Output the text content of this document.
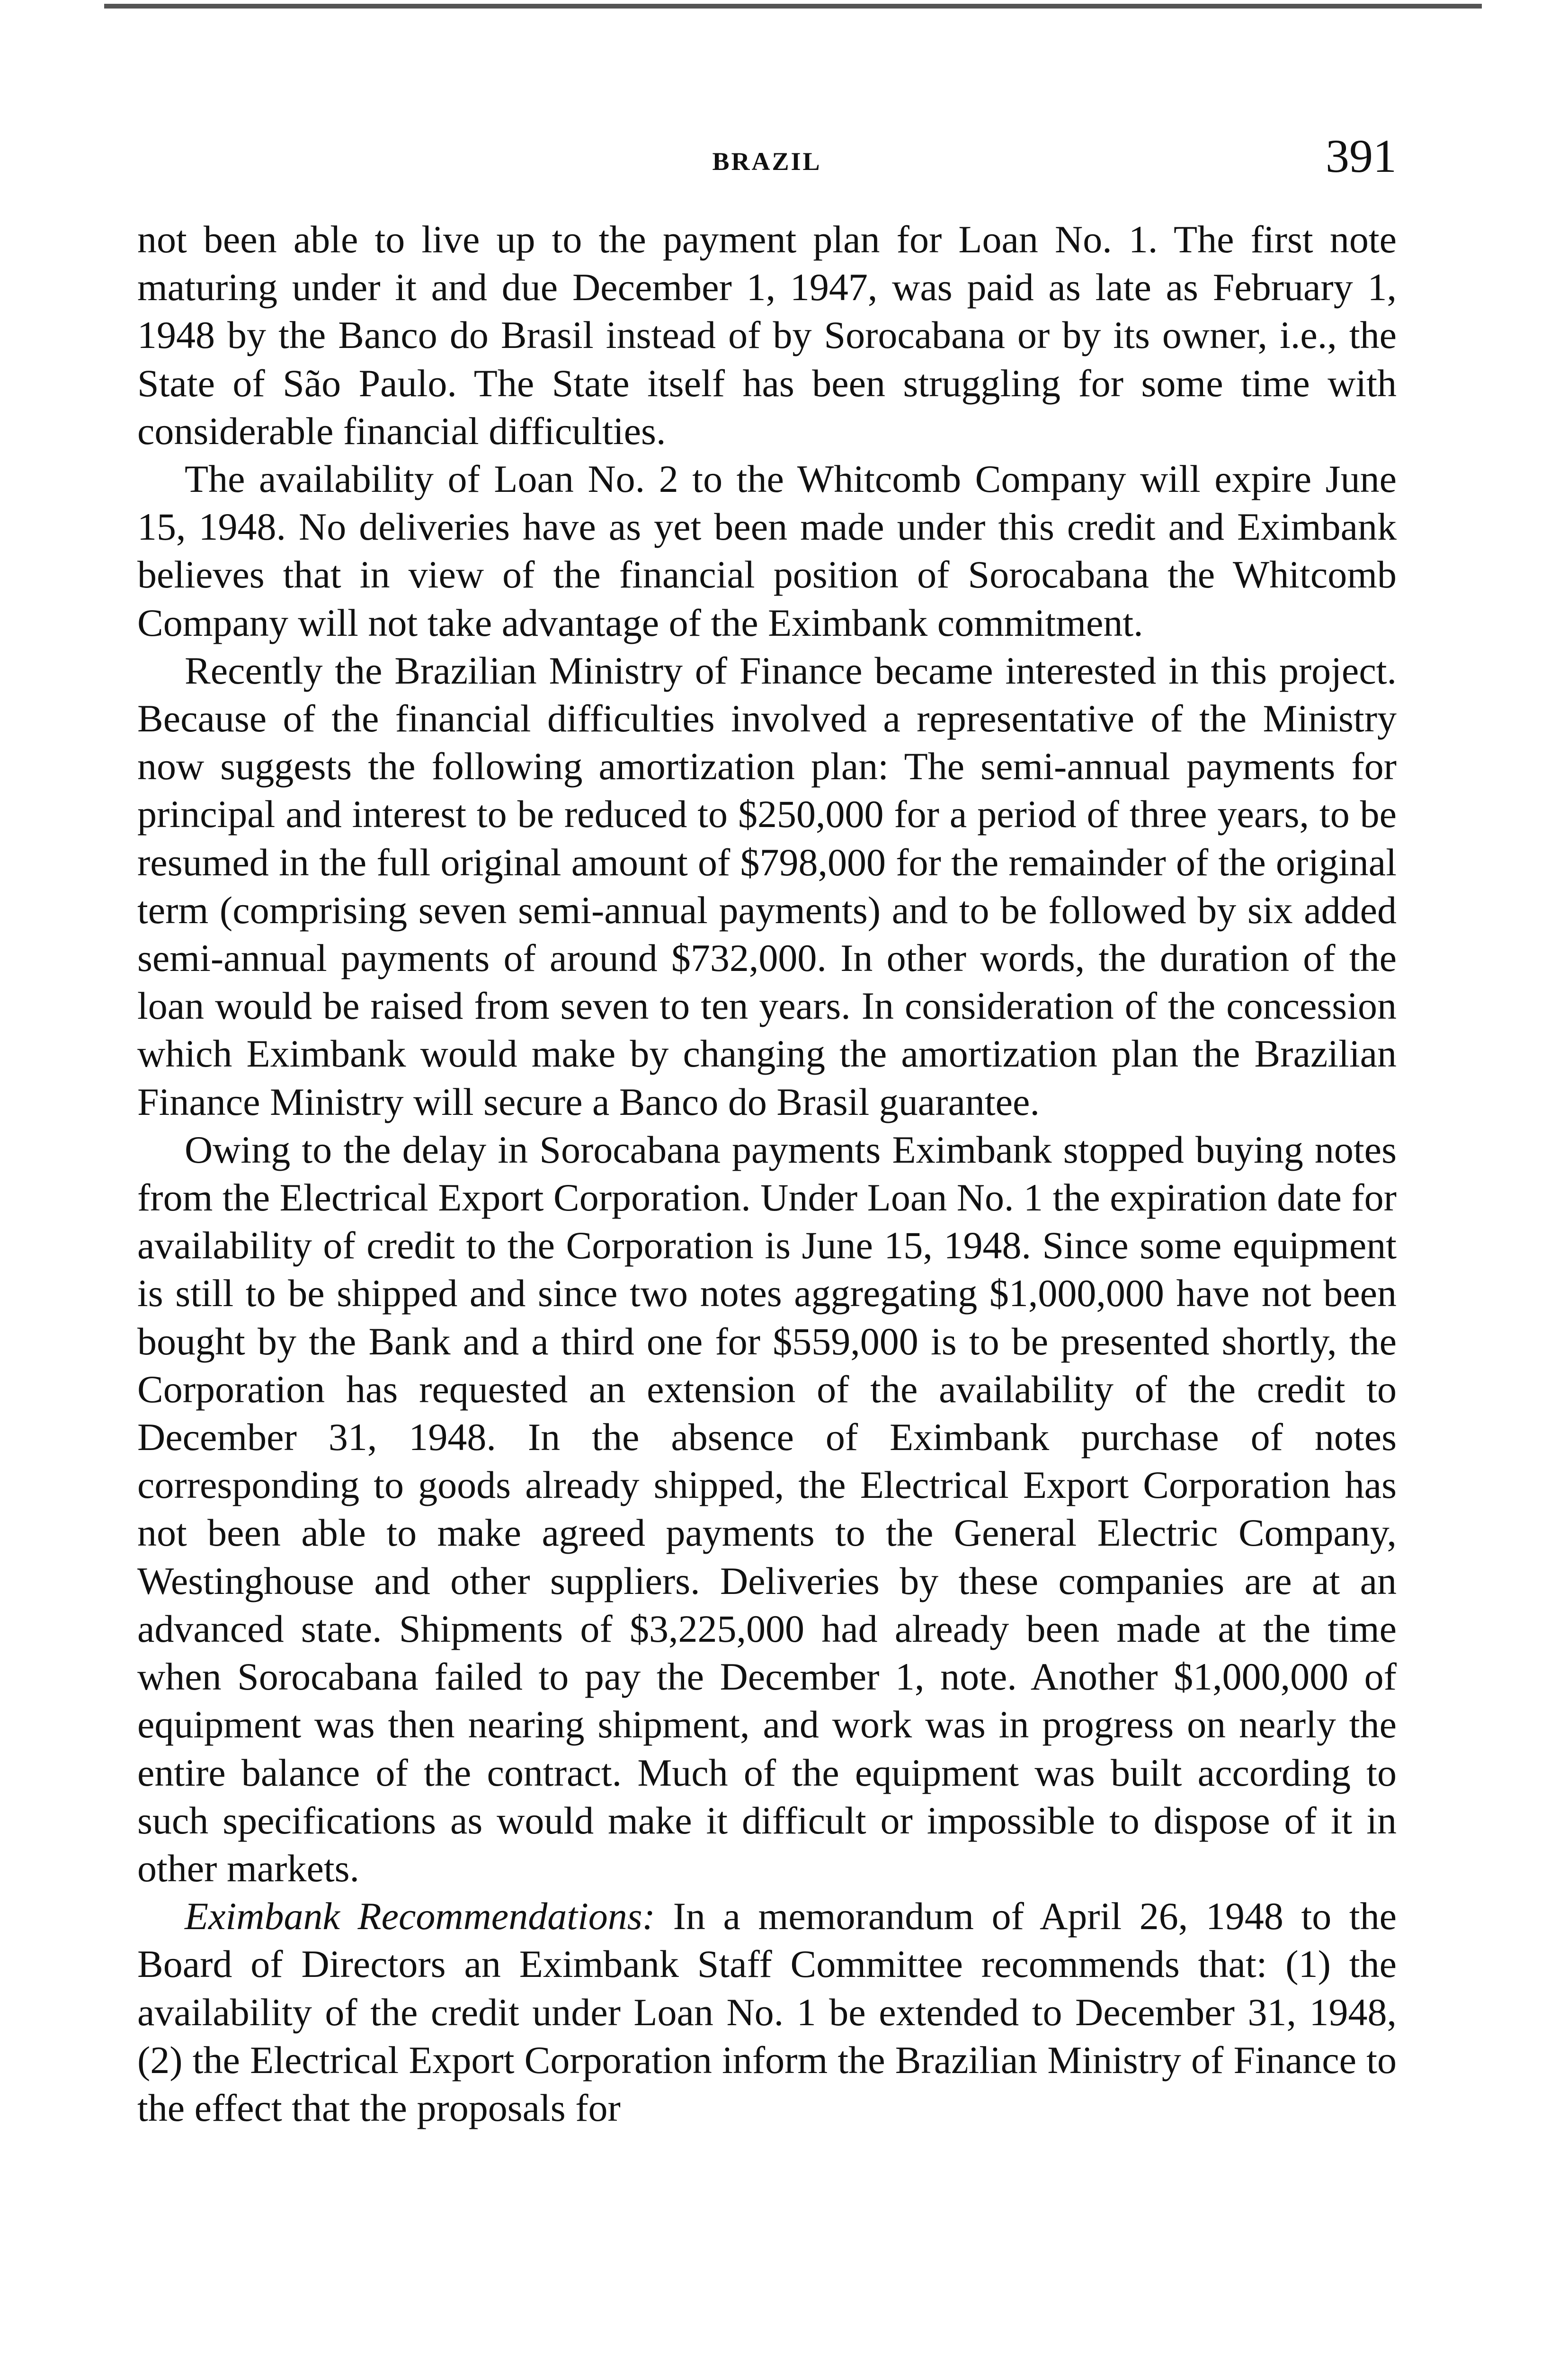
BRAZIL	391

not been able to live up to the payment plan for Loan No. 1. The first note maturing under it and due December 1, 1947, was paid as late as February 1, 1948 by the Banco do Brasil instead of by Sorocabana or by its owner, i.e., the State of São Paulo. The State itself has been struggling for some time with considerable financial difficulties.

The availability of Loan No. 2 to the Whitcomb Company will expire June 15, 1948. No deliveries have as yet been made under this credit and Eximbank believes that in view of the financial position of Sorocabana the Whitcomb Company will not take advantage of the Eximbank commitment.

Recently the Brazilian Ministry of Finance became interested in this project. Because of the financial difficulties involved a representative of the Ministry now suggests the following amortization plan: The semi-annual payments for principal and interest to be reduced to $250,000 for a period of three years, to be resumed in the full original amount of $798,000 for the remainder of the original term (comprising seven semi-annual payments) and to be followed by six added semi-annual payments of around $732,000. In other words, the duration of the loan would be raised from seven to ten years. In consideration of the concession which Eximbank would make by changing the amortization plan the Brazilian Finance Ministry will secure a Banco do Brasil guarantee.

Owing to the delay in Sorocabana payments Eximbank stopped buying notes from the Electrical Export Corporation. Under Loan No. 1 the expiration date for availability of credit to the Corporation is June 15, 1948. Since some equipment is still to be shipped and since two notes aggregating $1,000,000 have not been bought by the Bank and a third one for $559,000 is to be presented shortly, the Corporation has requested an extension of the availability of the credit to December 31, 1948. In the absence of Eximbank purchase of notes corresponding to goods already shipped, the Electrical Export Corporation has not been able to make agreed payments to the General Electric Company, Westinghouse and other suppliers. Deliveries by these companies are at an advanced state. Shipments of $3,225,000 had already been made at the time when Sorocabana failed to pay the December 1, note. Another $1,000,000 of equipment was then nearing shipment, and work was in progress on nearly the entire balance of the contract. Much of the equipment was built according to such specifications as would make it difficult or impossible to dispose of it in other markets.

Eximbank Recommendations: In a memorandum of April 26, 1948 to the Board of Directors an Eximbank Staff Committee recommends that: (1) the availability of the credit under Loan No. 1 be extended to December 31, 1948, (2) the Electrical Export Corporation inform the Brazilian Ministry of Finance to the effect that the proposals for
